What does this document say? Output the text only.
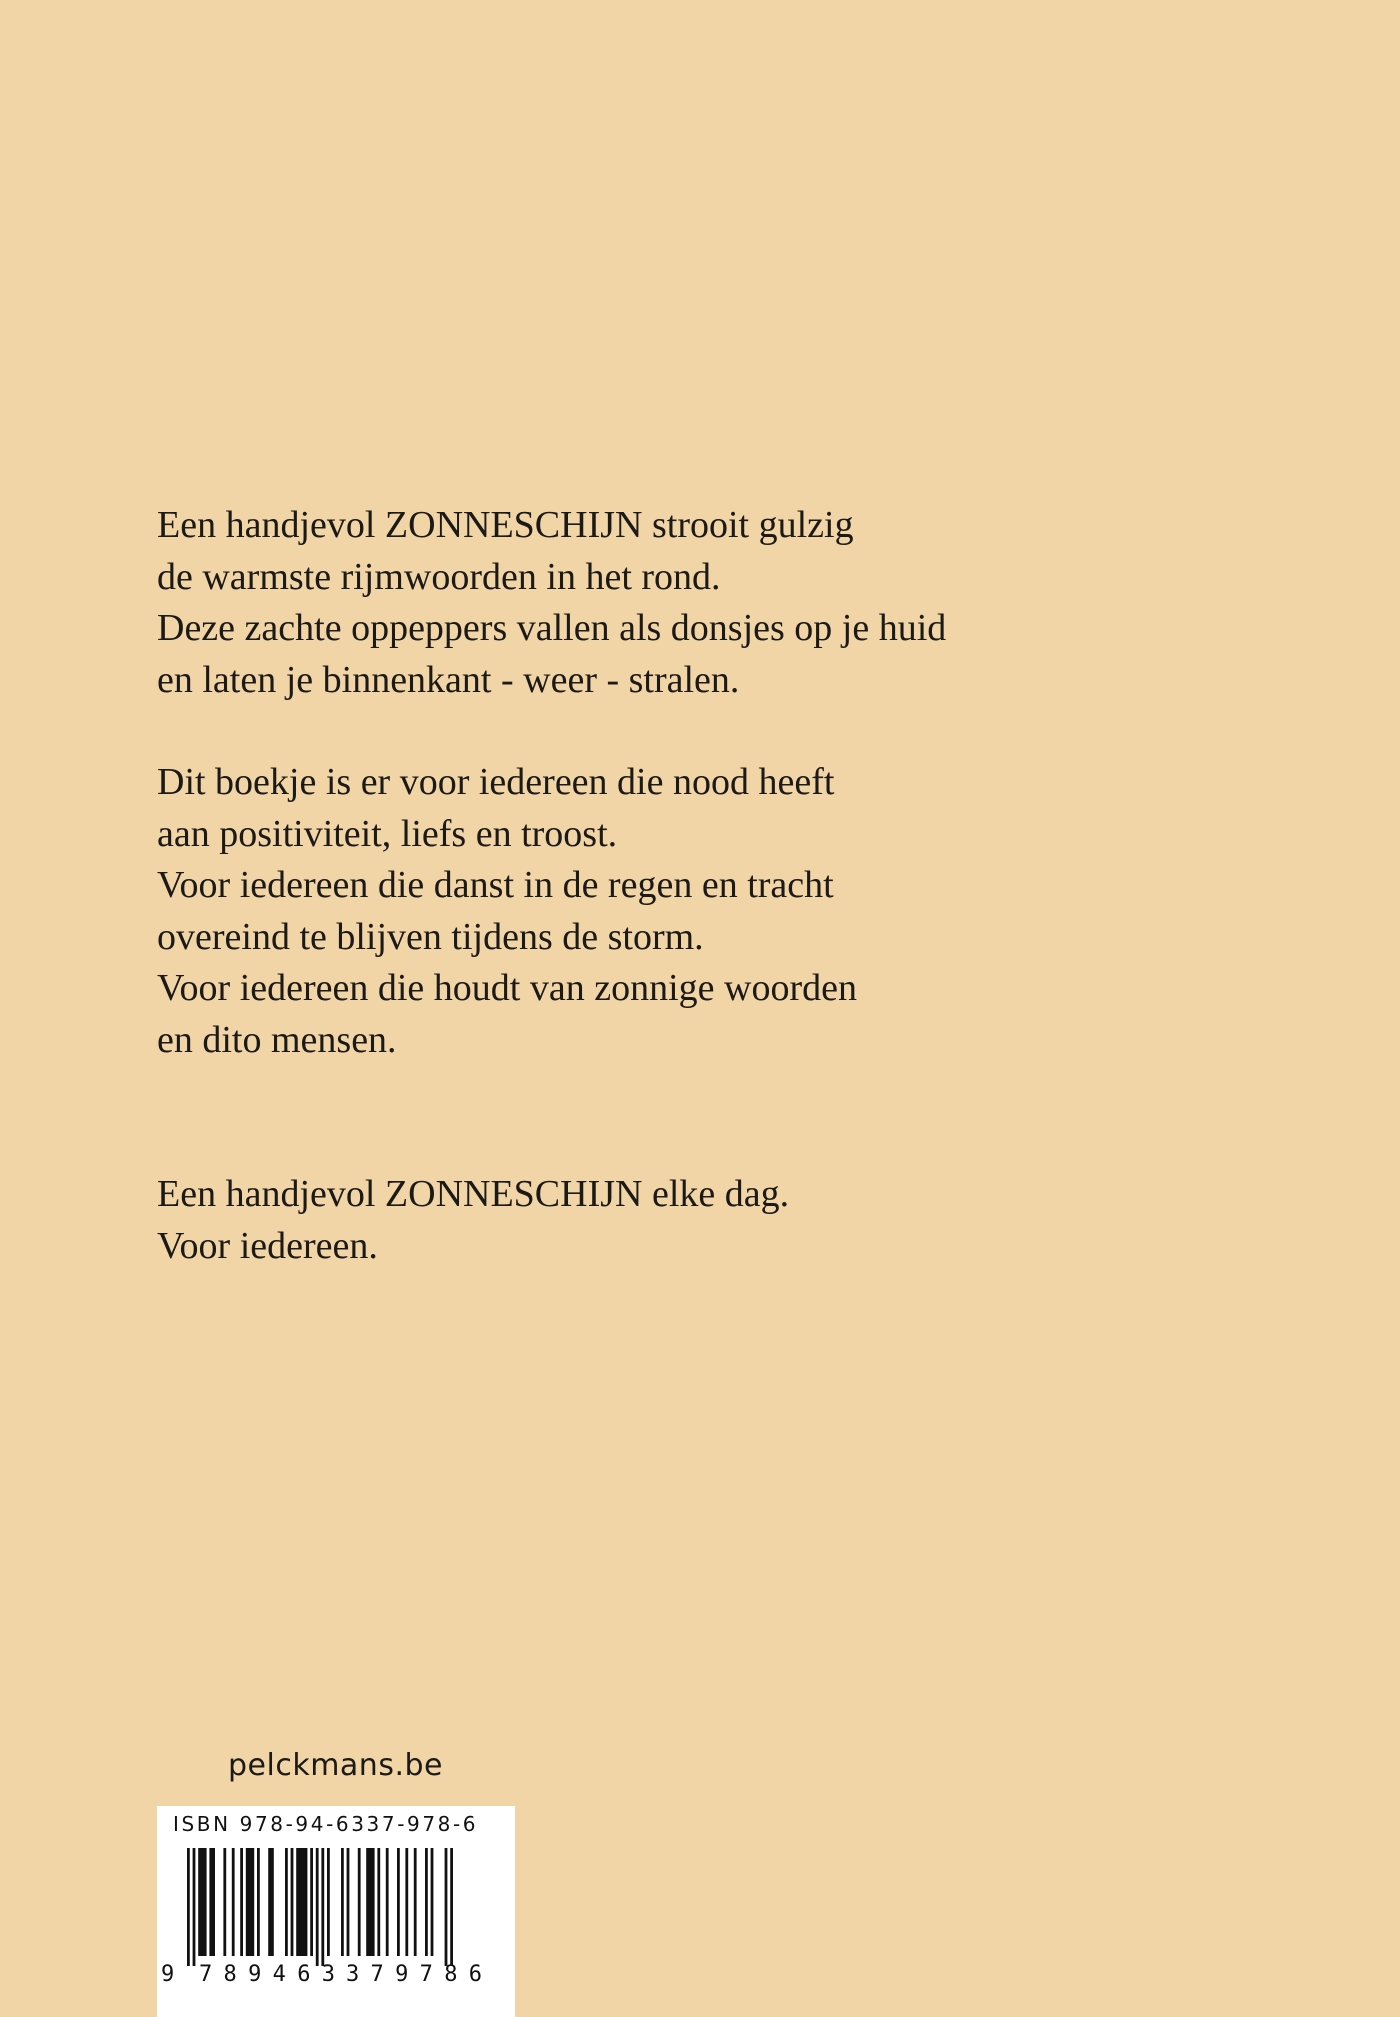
Een handjevol ZONNESCHIJN strooit gulzig

de warmste rijmwoorden in het rond.

Deze zachte oppeppers vallen als donsjes op je huid

en laten je binnenkant - weer - stralen.

Dit boekje is er voor iedereen die nood heeft

aan positiviteit, liefs en troost.

Voor iedereen die danst in de regen en tracht

overeind te blijven tijdens de storm.

Voor iedereen die houdt van zonnige woorden

en dito mensen.

Een handjevol ZONNESCHIJN elke dag.

Voor iedereen.

pelckmans.be
ISBN 978-94-6337-978-6
9 789463 379786
